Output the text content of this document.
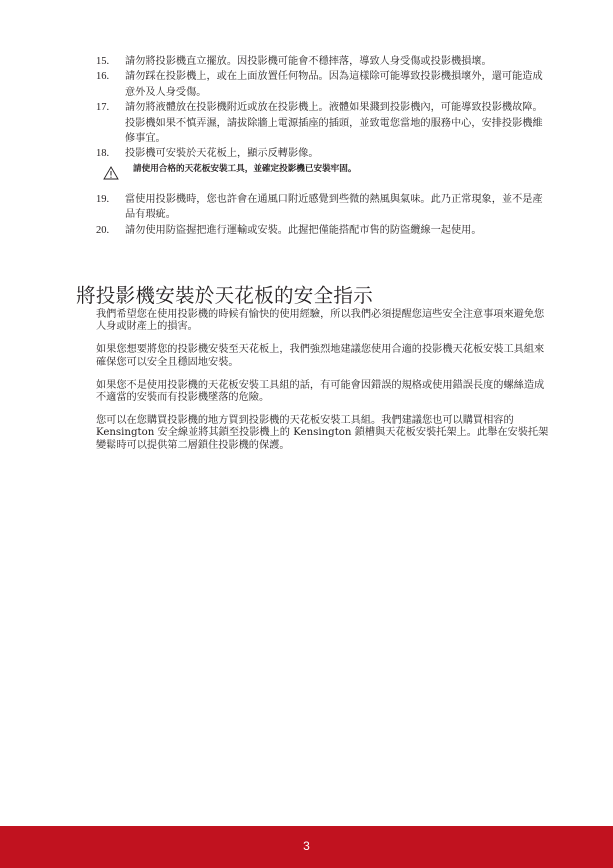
15. 請勿將投影機直立擺放。因投影機可能會不穩摔落，導致人身受傷或投影機損壞。
16. 請勿踩在投影機上，或在上面放置任何物品。因為這樣除可能導致投影機損壞外，還可能造成意外及人身受傷。
17. 請勿將液體放在投影機附近或放在投影機上。液體如果濺到投影機內，可能導致投影機故障。投影機如果不慎弄濕，請拔除牆上電源插座的插頭，並致電您當地的服務中心，安排投影機維修事宜。
18. 投影機可安裝於天花板上，顯示反轉影像。
請使用合格的天花板安裝工具，並確定投影機已安裝牢固。
19. 當使用投影機時，您也許會在通風口附近感覺到些微的熱風與氣味。此乃正常現象，並不是產品有瑕疵。
20. 請勿使用防盜握把進行運輸或安裝。此握把僅能搭配市售的防盜纜線一起使用。
將投影機安裝於天花板的安全指示

我們希望您在使用投影機的時候有愉快的使用經驗，所以我們必須提醒您這些安全注意事項來避免您人身或財產上的損害。

如果您想要將您的投影機安裝至天花板上，我們強烈地建議您使用合適的投影機天花板安裝工具組來確保您可以安全且穩固地安裝。

如果您不是使用投影機的天花板安裝工具組的話，有可能會因錯誤的規格或使用錯誤長度的螺絲造成不適當的安裝而有投影機墜落的危險。

您可以在您購買投影機的地方買到投影機的天花板安裝工具組。我們建議您也可以購買相容的 Kensington 安全線並將其鎖至投影機上的 Kensington 鎖槽與天花板安裝托架上。此舉在安裝托架變鬆時可以提供第二層鎖住投影機的保護。

3
